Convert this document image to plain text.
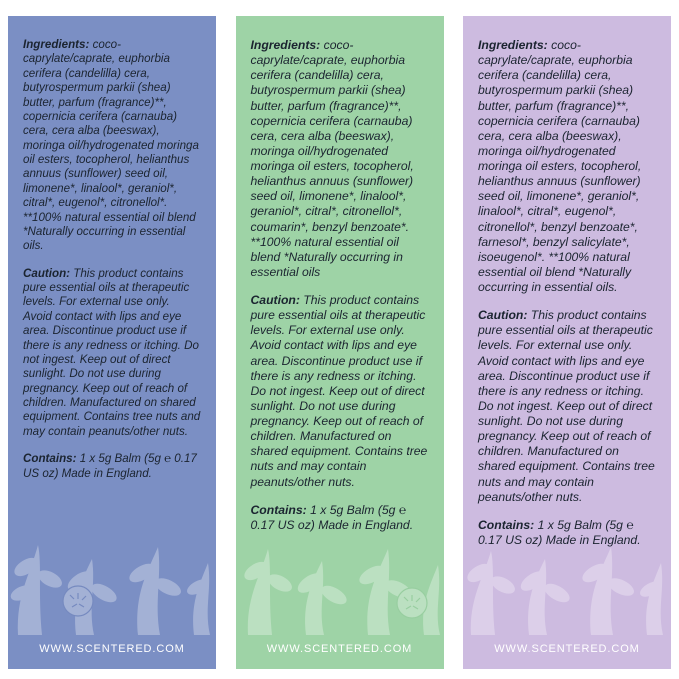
Ingredients: coco-caprylate/caprate, euphorbia cerifera (candelilla) cera, butyrospermum parkii (shea) butter, parfum (fragrance)**, copernicia cerifera (carnauba) cera, cera alba (beeswax), moringa oil/hydrogenated moringa oil esters, tocopherol, helianthus annuus (sunflower) seed oil, limonene*, linalool*, geraniol*, citral*, eugenol*, citronellol*. **100% natural essential oil blend *Naturally occurring in essential oils.
Caution: This product contains pure essential oils at therapeutic levels. For external use only. Avoid contact with lips and eye area. Discontinue product use if there is any redness or itching. Do not ingest. Keep out of direct sunlight. Do not use during pregnancy. Keep out of reach of children. Manufactured on shared equipment. Contains tree nuts and may contain peanuts/other nuts.
Contains: 1 x 5g Balm (5g ℮ 0.17 US oz) Made in England.
WWW.SCENTERED.COM
Ingredients: coco-caprylate/caprate, euphorbia cerifera (candelilla) cera, butyrospermum parkii (shea) butter, parfum (fragrance)**, copernicia cerifera (carnauba) cera, cera alba (beeswax), moringa oil/hydrogenated moringa oil esters, tocopherol, helianthus annuus (sunflower) seed oil, limonene*, linalool*, geraniol*, citral*, citronellol*, coumarin*, benzyl benzoate*. **100% natural essential oil blend *Naturally occurring in essential oils
Caution: This product contains pure essential oils at therapeutic levels. For external use only. Avoid contact with lips and eye area. Discontinue product use if there is any redness or itching. Do not ingest. Keep out of direct sunlight. Do not use during pregnancy. Keep out of reach of children. Manufactured on shared equipment. Contains tree nuts and may contain peanuts/other nuts.
Contains: 1 x 5g Balm (5g ℮ 0.17 US oz) Made in England.
WWW.SCENTERED.COM
Ingredients: coco-caprylate/caprate, euphorbia cerifera (candelilla) cera, butyrospermum parkii (shea) butter, parfum (fragrance)**, copernicia cerifera (carnauba) cera, cera alba (beeswax), moringa oil/hydrogenated moringa oil esters, tocopherol, helianthus annuus (sunflower) seed oil, limonene*, geraniol*, linalool*, citral*, eugenol*, citronellol*, benzyl benzoate*, farnesol*, benzyl salicylate*, isoeugenol*. **100% natural essential oil blend *Naturally occurring in essential oils.
Caution: This product contains pure essential oils at therapeutic levels. For external use only. Avoid contact with lips and eye area. Discontinue product use if there is any redness or itching. Do not ingest. Keep out of direct sunlight. Do not use during pregnancy. Keep out of reach of children. Manufactured on shared equipment. Contains tree nuts and may contain peanuts/other nuts.
Contains: 1 x 5g Balm (5g ℮ 0.17 US oz) Made in England.
WWW.SCENTERED.COM
